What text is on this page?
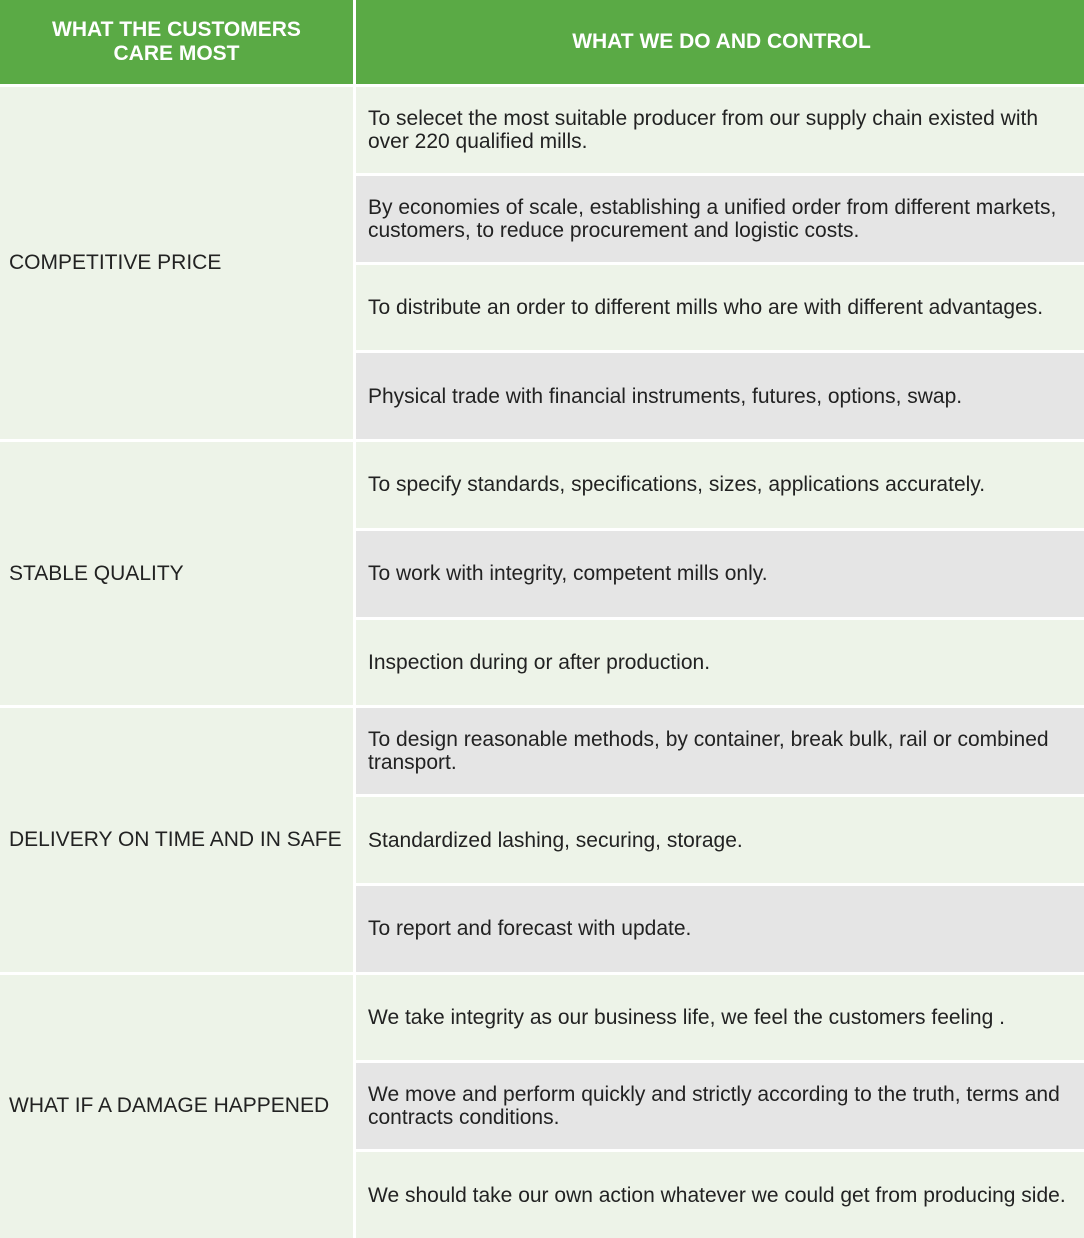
WHAT THE CUSTOMERS CARE MOST
WHAT WE DO AND CONTROL
COMPETITIVE PRICE
To selecet the most suitable producer from our supply chain existed with over 220 qualified mills.
By economies of scale, establishing a unified order from different markets, customers, to reduce procurement and logistic costs.
To distribute an order to different mills who are with different advantages.
Physical trade with financial instruments, futures, options, swap.
STABLE QUALITY
To specify standards, specifications, sizes, applications accurately.
To work with integrity, competent mills only.
Inspection during or after production.
DELIVERY ON TIME AND IN SAFE
To design reasonable methods, by container, break bulk, rail or combined transport.
Standardized lashing, securing, storage.
To report and forecast with update.
WHAT IF A DAMAGE HAPPENED
We take integrity as our business life, we feel the customers feeling .
We move and perform quickly and strictly according to the truth, terms and contracts conditions.
We should take our own action whatever we could get from producing side.
